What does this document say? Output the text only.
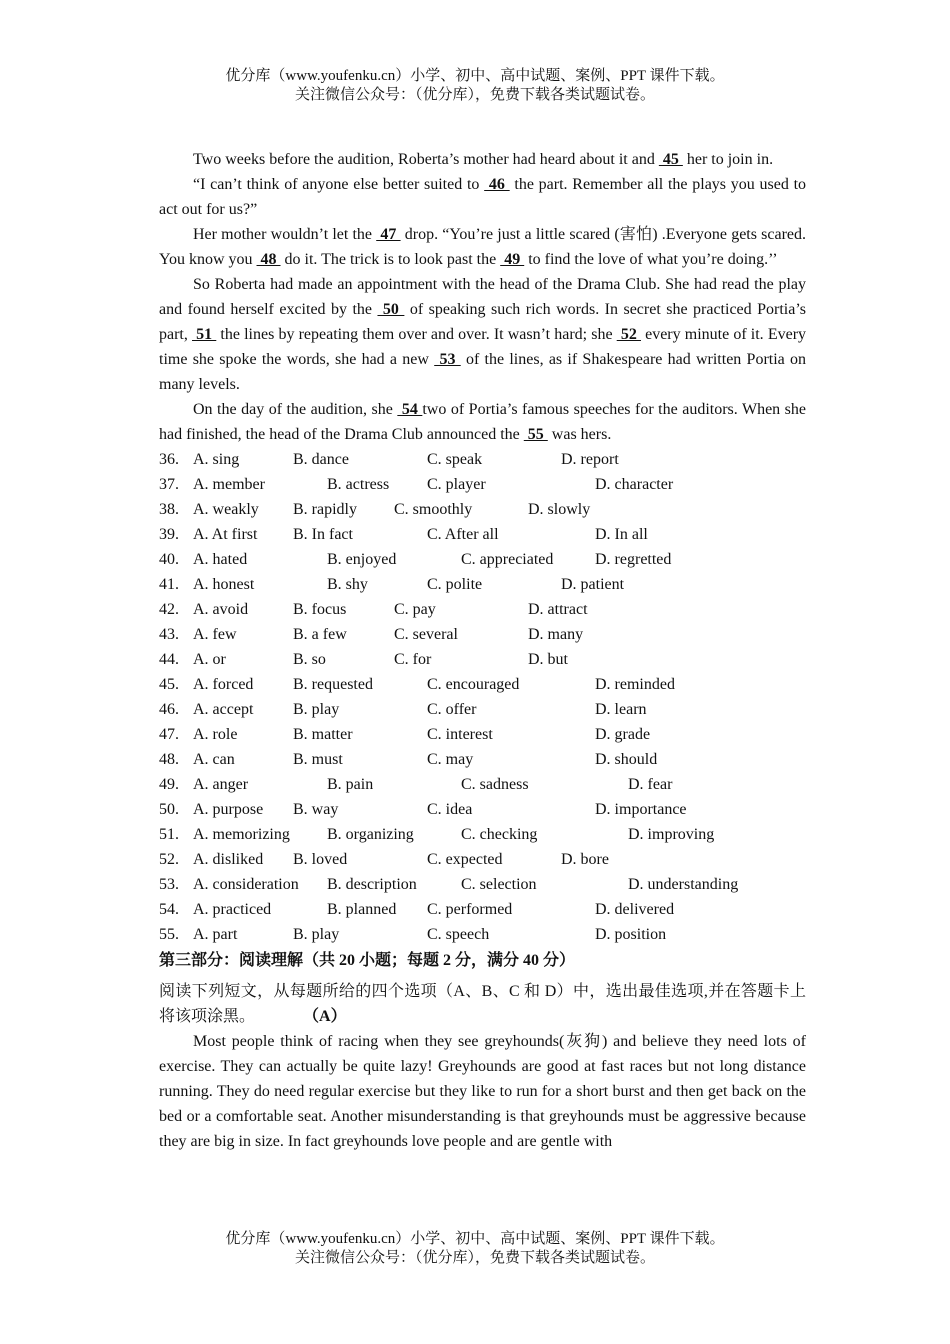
优分库（www.youfenku.cn）小学、初中、高中试题、案例、PPT 课件下载。
关注微信公众号：（优分库），免费下载各类试题试卷。

Two weeks before the audition, Roberta’s mother had heard about it and  45  her to join in.

“I can’t think of anyone else better suited to  46  the part. Remember all the plays you used to act out for us?”

Her mother wouldn’t let the  47  drop. “You’re just a little scared (害怕) .Everyone gets scared. You know you  48  do it. The trick is to look past the  49  to find the love of what you’re doing.’’

So Roberta had made an appointment with the head of the Drama Club. She had read the play and found herself excited by the  50  of speaking such rich words. In secret she practiced Portia’s part,  51  the lines by repeating them over and over. It wasn’t hard; she  52  every minute of it. Every time she spoke the words, she had a new  53  of the lines, as if Shakespeare had written Portia on many levels.

On the day of the audition, she  54 two of Portia’s famous speeches for the auditors. When she had finished, the head of the Drama Club announced the  55  was hers.

36. A. sing	B. dance	C. speak	D. report
37. A. member	B. actress C. player	D. character
38. A. weakly B. rapidly C. smoothly	D. slowly
39. A. At first B. In fact	C. After all	D. In all
40. A. hated	B. enjoyed	C. appreciated	D. regretted
41. A. honest	B. shy	C. polite	D. patient
42. A. avoid	B. focus	C. pay	D. attract
43. A. few	B. a few	C. several	D. many
44. A. or	B. so	C. for	D. but
45. A. forced B. requested	C. encouraged	D. reminded
46. A. accept B. play	C. offer	D. learn
47. A. role	B. matter	C. interest	D. grade
48. A. can	B. must	C. may	D. should
49. A. anger	B. pain	C. sadness	D. fear
50. A. purpose B. way	C. idea	D. importance
51. A. memorizing B. organizing	C. checking	D. improving
52. A. disliked B. loved	C. expected	D. bore
53. A. consideration B. description	C. selection	D. understanding
54. A. practiced	B. planned C. performed	D. delivered
55. A. part	B. play	C. speech	D. position
第三部分：阅读理解（共 20 小题；每题 2 分，满分 40 分）

阅读下列短文，从每题所给的四个选项（A、B、C 和 D）中，选出最佳选项,并在答题卡上将该项涂黑。	（A）

Most people think of racing when they see greyhounds(灰狗) and believe they need lots of exercise. They can actually be quite lazy! Greyhounds are good at fast races but not long distance running. They do need regular exercise but they like to run for a short burst and then get back on the bed or a comfortable seat. Another misunderstanding is that greyhounds must be aggressive because they are big in size. In fact greyhounds love people and are gentle with

优分库（www.youfenku.cn）小学、初中、高中试题、案例、PPT 课件下载。
关注微信公众号：（优分库），免费下载各类试题试卷。
